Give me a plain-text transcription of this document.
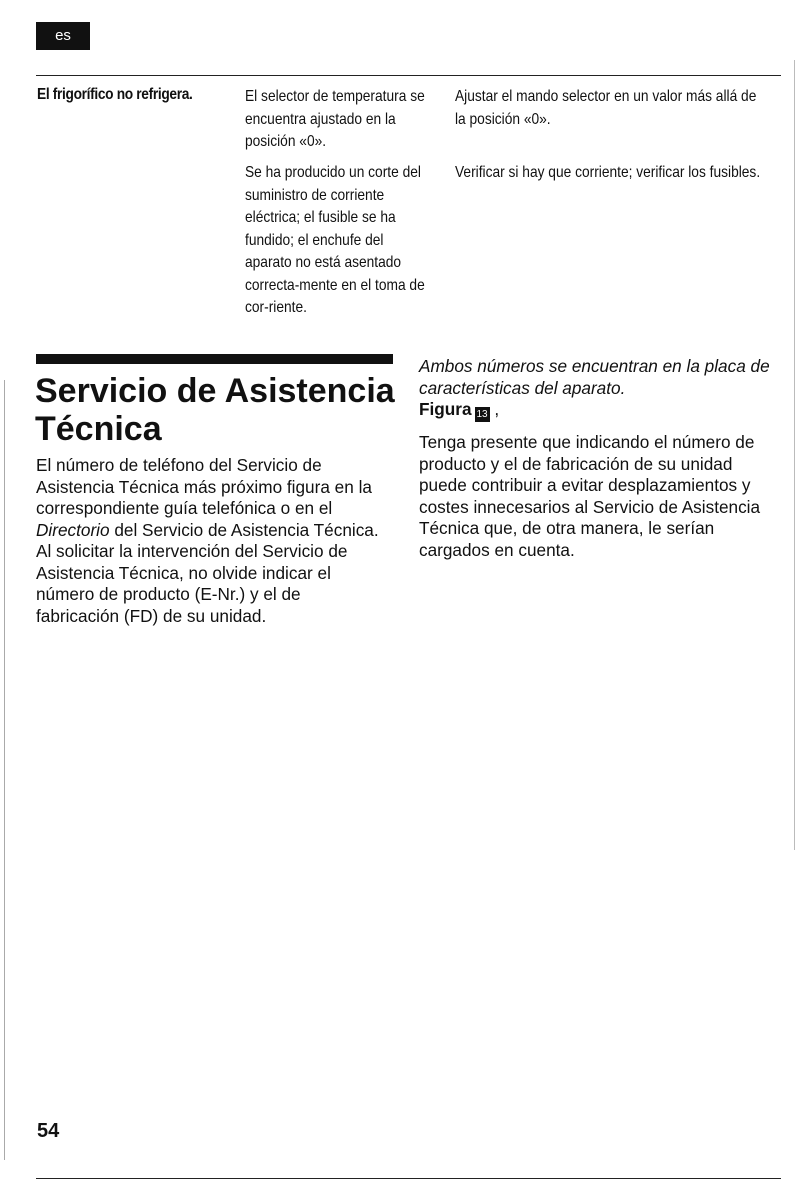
es
El frigorífico no refrigera.	El selector de temperatura se encuentra ajustado en la posición «0».
Ajustar el mando selector en un valor más allá de la posición «0».
Se ha producido un corte del suministro de corriente eléctrica; el fusible se ha fundido; el enchufe del aparato no está asentado correcta-mente en el toma de cor-riente.
Verificar si hay que corriente; verificar los fusibles.
Servicio de Asistencia Técnica

El número de teléfono del Servicio de Asistencia Técnica más próximo figura en la correspondiente guía telefónica o en el Directorio del Servicio de Asistencia Técnica. Al solicitar la intervención del Servicio de Asistencia Técnica, no olvide indicar el número de producto (E-Nr.) y el de fabricación (FD) de su unidad.

Ambos números se encuentran en la placa de características del aparato.

Figura 13 ,

Tenga presente que indicando el número de producto y el de fabricación de su unidad puede contribuir a evitar desplazamientos y costes innecesarios al Servicio de Asistencia Técnica que, de otra manera, le serían cargados en cuenta.

54
